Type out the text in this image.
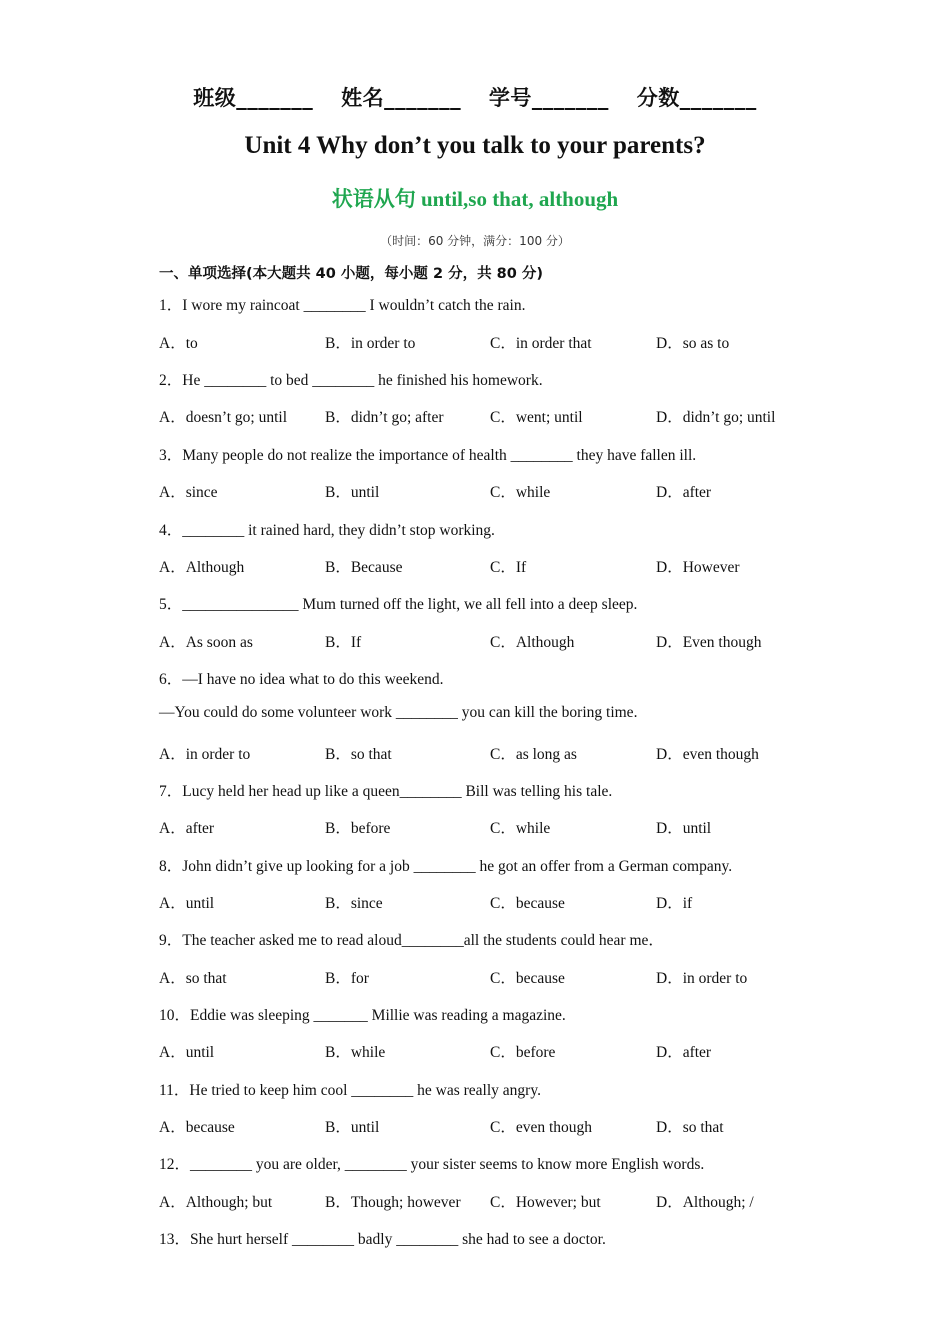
班级_______ 姓名_______ 学号_______ 分数_______
Unit 4 Why don’t you talk to your parents?
状语从句 until,so that, although
（时间：60 分钟，满分：100 分）
一、单项选择(本大题共 40 小题，每小题 2 分，共 80 分)
1．I wore my raincoat ________ I wouldn’t catch the rain.
A．to	B．in order to	C．in order that	D．so as to
2．He ________ to bed ________ he finished his homework.
A．doesn’t go; until B．didn’t go; after	C．went; until	D．didn’t go; until
3．Many people do not realize the importance of health ________ they have fallen ill.
A．since	B．until	C．while	D．after
4．________ it rained hard, they didn’t stop working.
A．Although	B．Because	C．If	D．However
5．_______________ Mum turned off the light, we all fell into a deep sleep.
A．As soon as	B．If	C．Although	D．Even though
6．—I have no idea what to do this weekend.
—You could do some volunteer work ________ you can kill the boring time.
A．in order to	B．so that	C．as long as	D．even though
7．Lucy held her head up like a queen________ Bill was telling his tale.
A．after	B．before	C．while	D．until
8．John didn’t give up looking for a job ________ he got an offer from a German company.
A．until	B．since	C．because	D．if
9．The teacher asked me to read aloud________all the students could hear me．
A．so that	B．for	C．because	D．in order to
10．Eddie was sleeping _______ Millie was reading a magazine.
A．until	B．while	C．before	D．after
11．He tried to keep him cool ________ he was really angry.
A．because	B．until	C．even though	D．so that
12．________ you are older, ________ your sister seems to know more English words.
A．Although; but	B．Though; however C．However; but	D．Although; /
13．She hurt herself ________ badly ________ she had to see a doctor.
